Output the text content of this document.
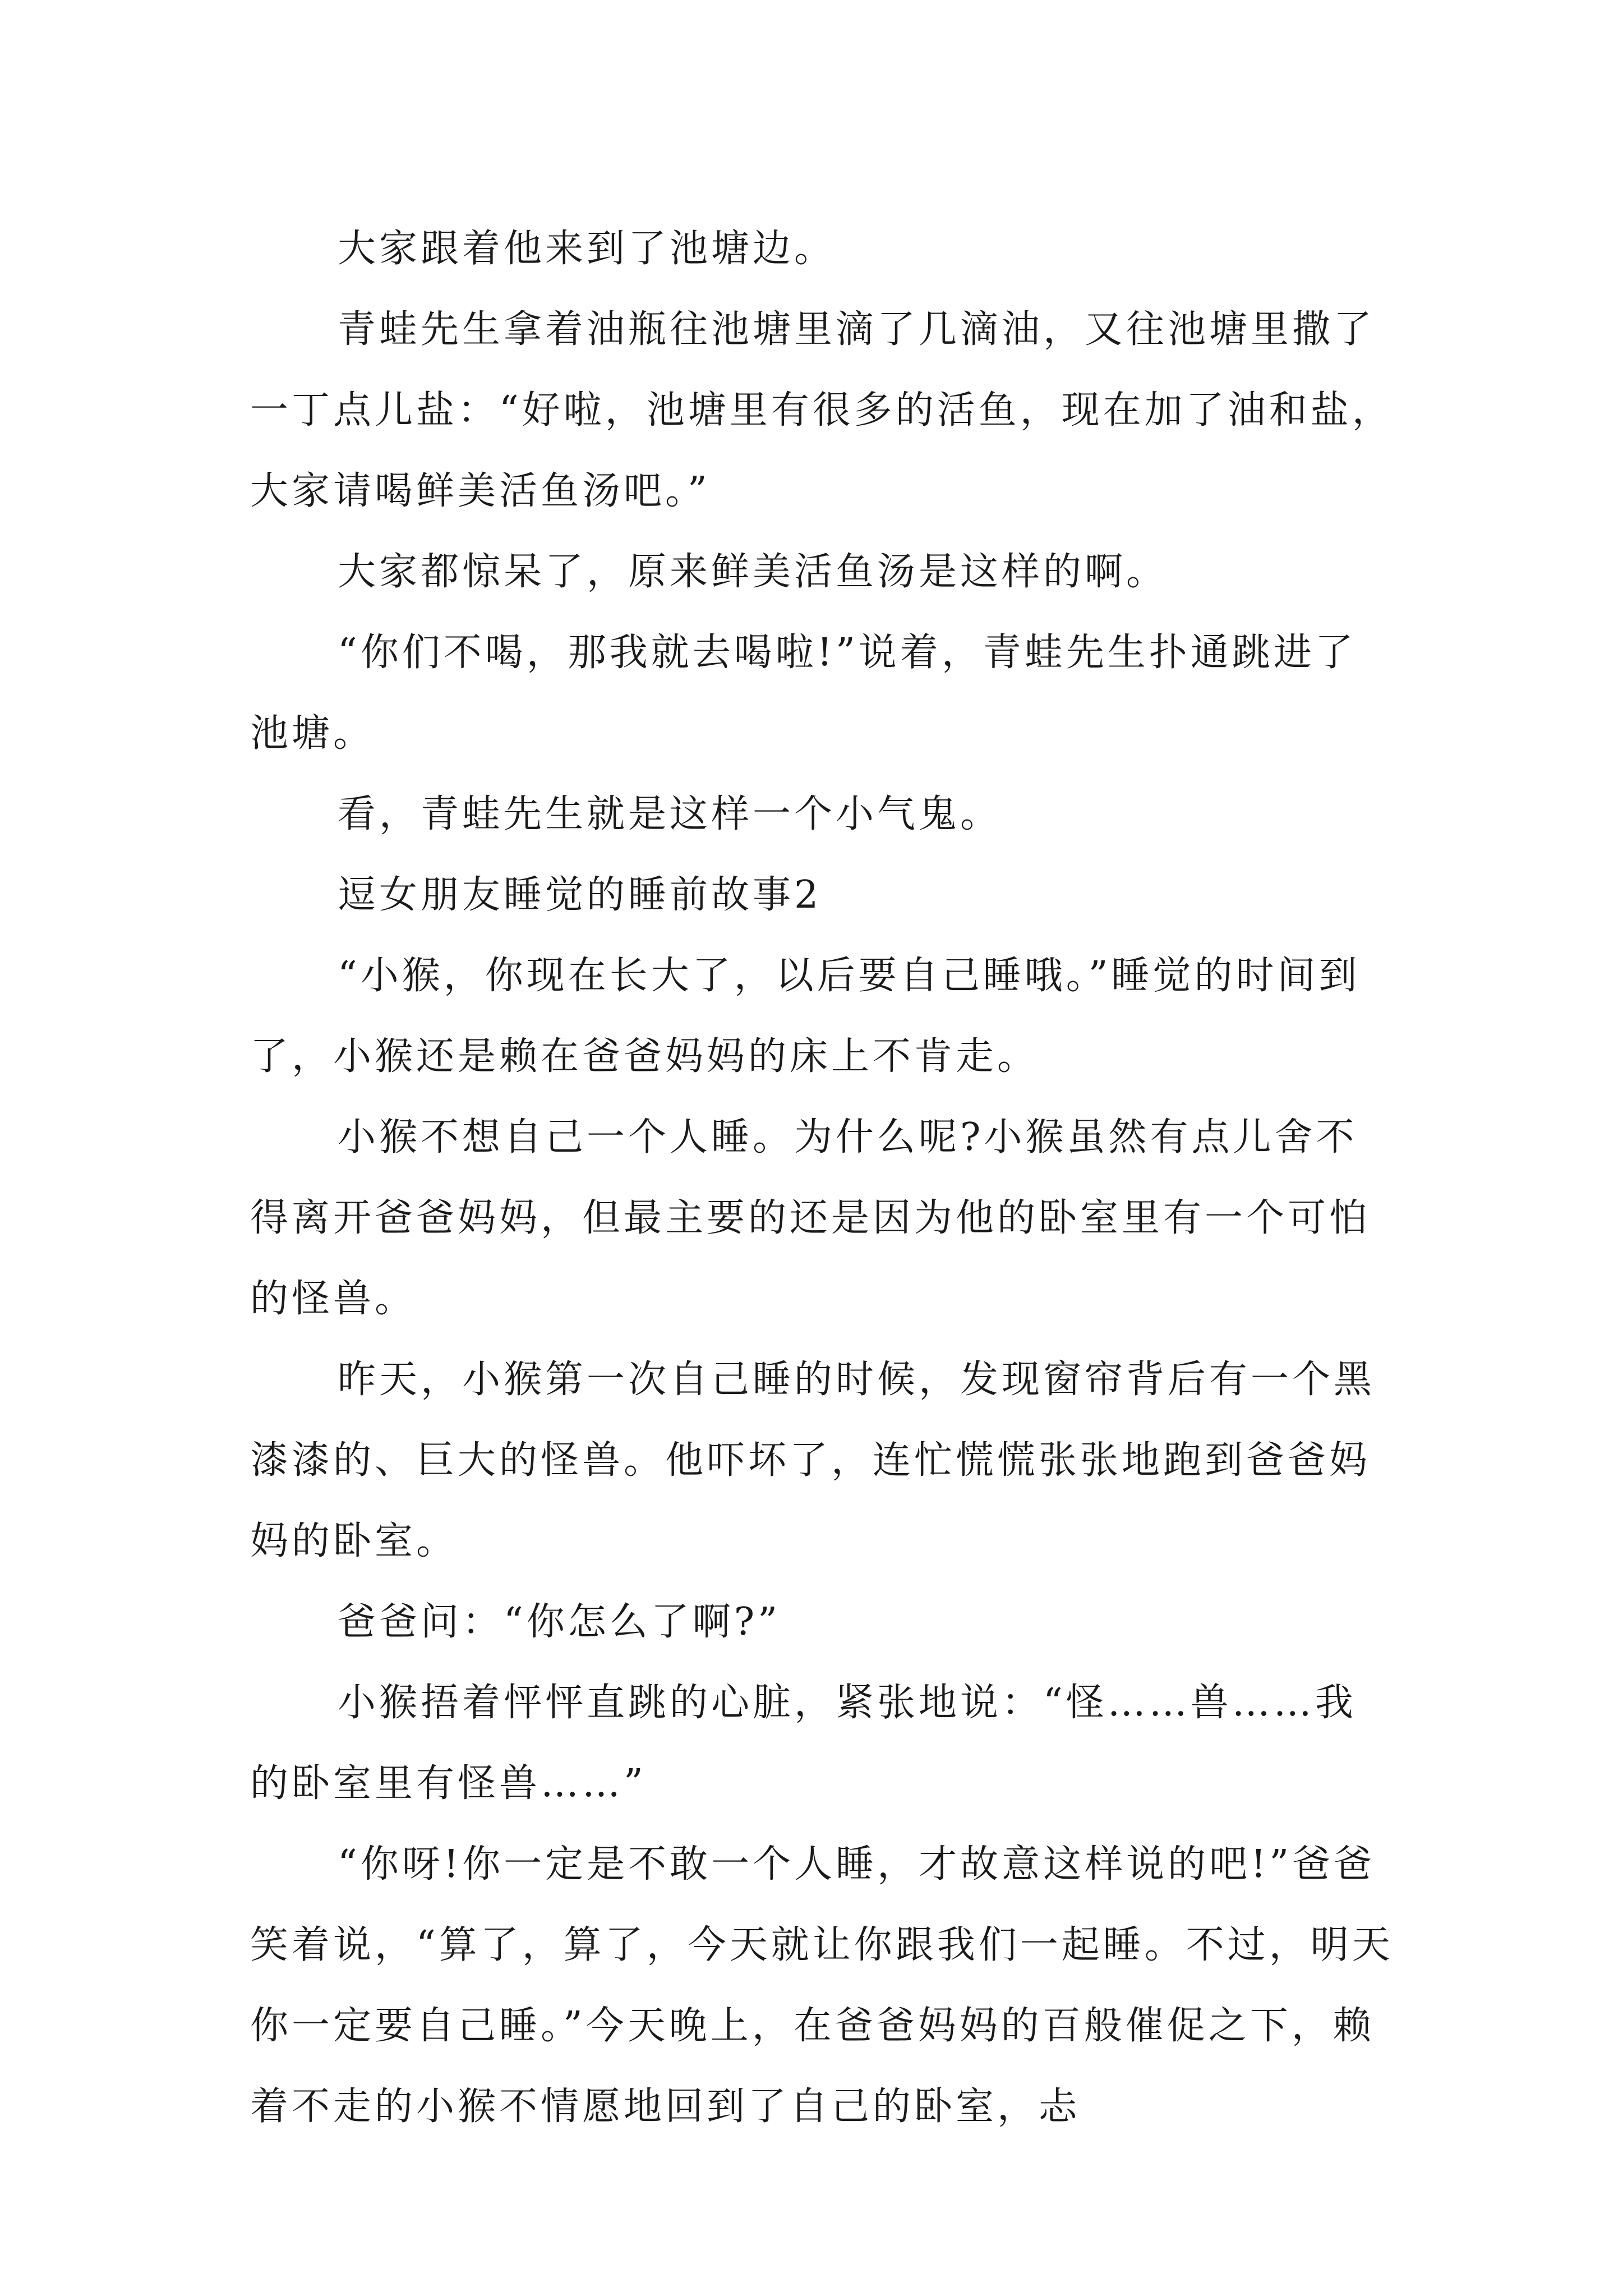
大家跟着他来到了池塘边。

青蛙先生拿着油瓶往池塘里滴了几滴油，又往池塘里撒了一丁点儿盐：“好啦，池塘里有很多的活鱼，现在加了油和盐，大家请喝鲜美活鱼汤吧。”

大家都惊呆了，原来鲜美活鱼汤是这样的啊。

“你们不喝，那我就去喝啦!”说着，青蛙先生扑通跳进了池塘。

看，青蛙先生就是这样一个小气鬼。

逗女朋友睡觉的睡前故事2

“小猴，你现在长大了，以后要自己睡哦。”睡觉的时间到了，小猴还是赖在爸爸妈妈的床上不肯走。

小猴不想自己一个人睡。为什么呢?小猴虽然有点儿舍不得离开爸爸妈妈，但最主要的还是因为他的卧室里有一个可怕的怪兽。

昨天，小猴第一次自己睡的时候，发现窗帘背后有一个黑漆漆的、巨大的怪兽。他吓坏了，连忙慌慌张张地跑到爸爸妈妈的卧室。

爸爸问：“你怎么了啊?”

小猴捂着怦怦直跳的心脏，紧张地说：“怪……兽……我的卧室里有怪兽……”

“你呀!你一定是不敢一个人睡，才故意这样说的吧!”爸爸笑着说，“算了，算了，今天就让你跟我们一起睡。不过，明天你一定要自己睡。”今天晚上，在爸爸妈妈的百般催促之下，赖着不走的小猴不情愿地回到了自己的卧室，忐
